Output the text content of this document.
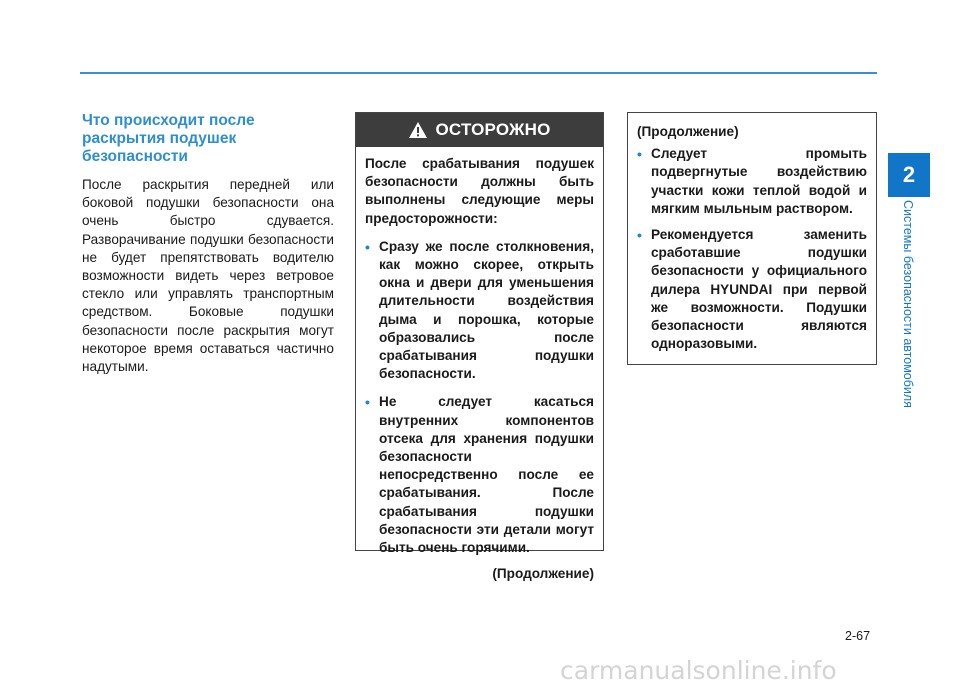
2
Системы безопасности автомобиля
Что происходит после раскрытия подушек безопасности

После раскрытия передней или боковой подушки безопасности она очень быстро сдувается. Разворачивание подушки безопасности не будет препятствовать водителю возможности видеть через ветровое стекло или управлять транспортным средством. Боковые подушки безопасности после раскрытия могут некоторое время оставаться частично надутыми.

ОСТОРОЖНО

После срабатывания подушек безопасности должны быть выполнены следующие меры предосторожности:

• Сразу же после столкновения, как можно скорее, открыть окна и двери для уменьшения длительности воздействия дыма и порошка, которые образовались после срабатывания подушки безопасности.

• Не следует касаться внутренних компонентов отсека для хранения подушки безопасности непосредственно после ее срабатывания. После срабатывания подушки безопасности эти детали могут быть очень горячими.

(Продолжение)
(Продолжение)
• Следует промыть подвергнутые воздействию участки кожи теплой водой и мягким мыльным раствором.

• Рекомендуется заменить сработавшие подушки безопасности у официального дилера HYUNDAI при первой же возможности. Подушки безопасности являются одноразовыми.

2-67
carmanualsonline.info
